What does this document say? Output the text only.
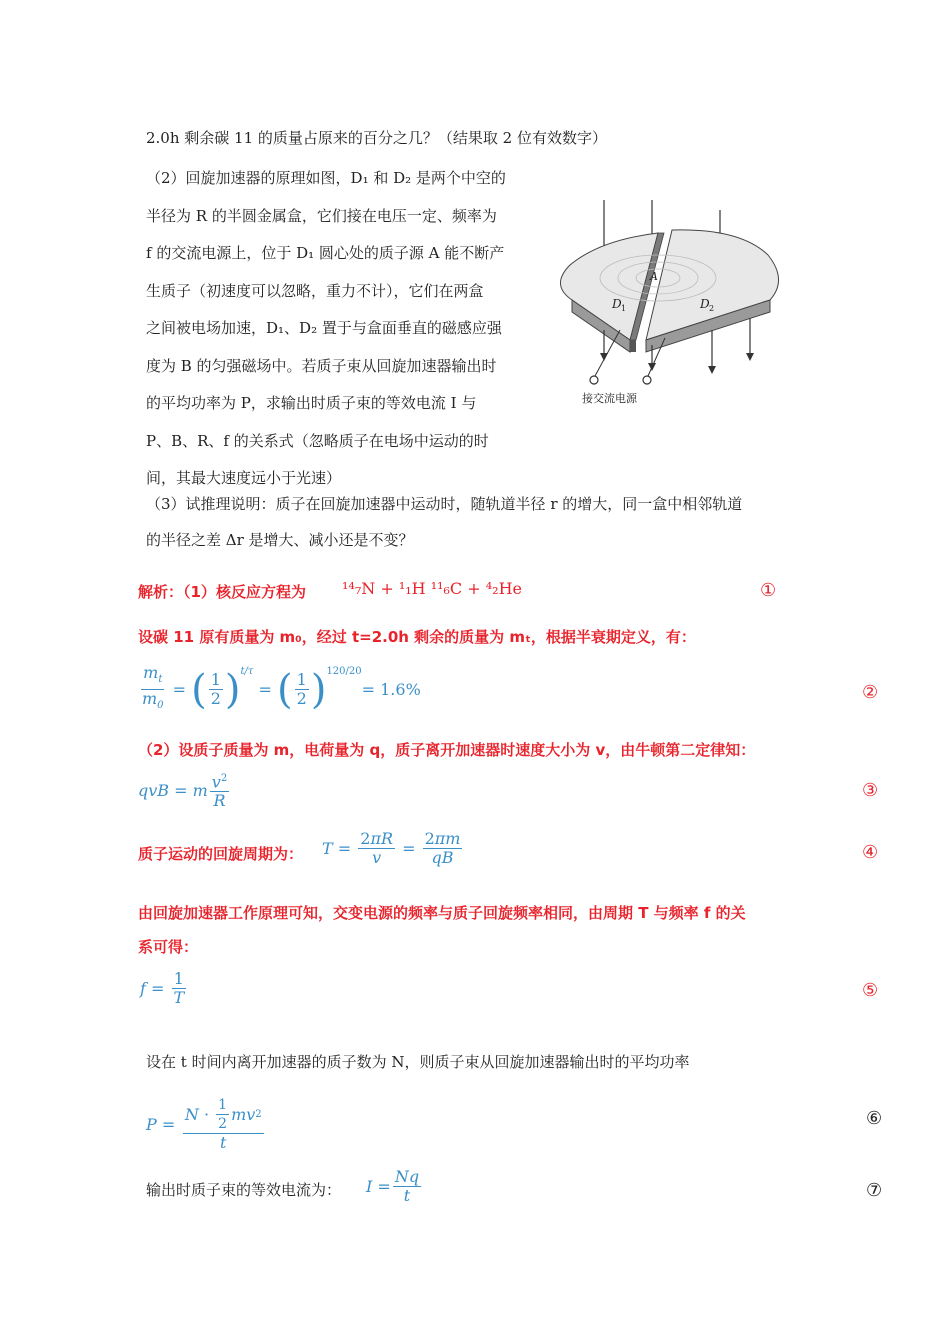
2.0h 剩余碳 11 的质量占原来的百分之几？（结果取 2 位有效数字）
（2）回旋加速器的原理如图，D₁ 和 D₂ 是两个中空的
半径为 R 的半圆金属盒，它们接在电压一定、频率为
f 的交流电源上，位于 D₁ 圆心处的质子源 A 能不断产
生质子（初速度可以忽略，重力不计），它们在两盒
之间被电场加速，D₁、D₂ 置于与盒面垂直的磁感应强
度为 B 的匀强磁场中。若质子束从回旋加速器输出时
的平均功率为 P，求输出时质子束的等效电流 I 与
P、B、R、f 的关系式（忽略质子在电场中运动的时
间，其最大速度远小于光速）
A
D 1	D 2
接交流电源
（3）试推理说明：质子在回旋加速器中运动时，随轨道半径 r 的增大，同一盒中相邻轨道
的半径之差 Δr 是增大、减小还是不变？
解析：（1）核反应方程为 ¹⁴₇N + ¹₁H ¹¹₆C + ⁴₂He	①
设碳 11 原有质量为 m₀，经过 t=2.0h 剩余的质量为 mₜ，根据半衰期定义，有：
$\frac{m_t}{m_0}$ = ( $\frac{1}{2} )^{t/\tau}$
= ( $\frac{1}{2} )^{120/20}$
= 1.6%	②
（2）设质子质量为 m，电荷量为 q，质子离开加速器时速度大小为 v，由牛顿第二定律知：
qvB = m $\frac{v^2}{R}$	③
质子运动的回旋周期为： $T = \frac{2\pi R}{v} = \frac{2\pi m}{qB}$	④
由回旋加速器工作原理可知，交变电源的频率与质子回旋频率相同，由周期 T 与频率 f 的关
系可得：
$f = \frac{1}{T}$	⑤
设在 t 时间内离开加速器的质子数为 N，则质子束从回旋加速器输出时的平均功率
$P = \frac{N \cdot \frac{1}{2} mv 2}{t}$	⑥
输出时质子束的等效电流为： $I = \frac{Nq}{t}$	⑦
